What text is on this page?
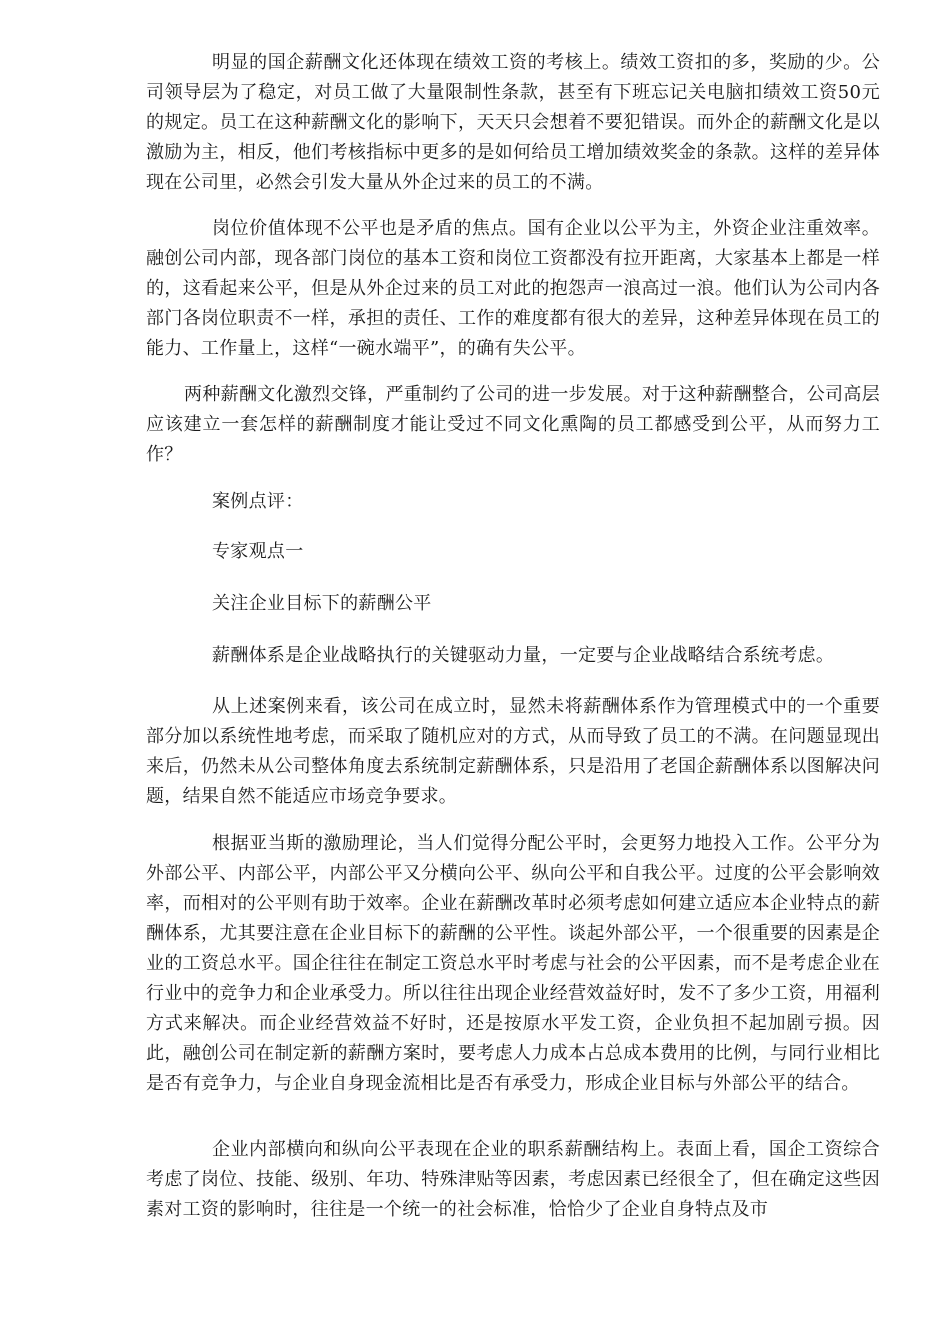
明显的国企薪酬文化还体现在绩效工资的考核上。绩效工资扣的多，奖励的少。公司领导层为了稳定，对员工做了大量限制性条款，甚至有下班忘记关电脑扣绩效工资50元的规定。员工在这种薪酬文化的影响下，天天只会想着不要犯错误。而外企的薪酬文化是以激励为主，相反，他们考核指标中更多的是如何给员工增加绩效奖金的条款。这样的差异体现在公司里，必然会引发大量从外企过来的员工的不满。

岗位价值体现不公平也是矛盾的焦点。国有企业以公平为主，外资企业注重效率。融创公司内部，现各部门岗位的基本工资和岗位工资都没有拉开距离，大家基本上都是一样的，这看起来公平，但是从外企过来的员工对此的抱怨声一浪高过一浪。他们认为公司内各部门各岗位职责不一样，承担的责任、工作的难度都有很大的差异，这种差异体现在员工的能力、工作量上，这样“一碗水端平”，的确有失公平。

两种薪酬文化激烈交锋，严重制约了公司的进一步发展。对于这种薪酬整合，公司高层应该建立一套怎样的薪酬制度才能让受过不同文化熏陶的员工都感受到公平，从而努力工作？

案例点评：

专家观点一

关注企业目标下的薪酬公平

薪酬体系是企业战略执行的关键驱动力量，一定要与企业战略结合系统考虑。

从上述案例来看，该公司在成立时，显然未将薪酬体系作为管理模式中的一个重要部分加以系统性地考虑，而采取了随机应对的方式，从而导致了员工的不满。在问题显现出来后，仍然未从公司整体角度去系统制定薪酬体系，只是沿用了老国企薪酬体系以图解决问题，结果自然不能适应市场竞争要求。

根据亚当斯的激励理论，当人们觉得分配公平时，会更努力地投入工作。公平分为外部公平、内部公平，内部公平又分横向公平、纵向公平和自我公平。过度的公平会影响效率，而相对的公平则有助于效率。企业在薪酬改革时必须考虑如何建立适应本企业特点的薪酬体系，尤其要注意在企业目标下的薪酬的公平性。谈起外部公平，一个很重要的因素是企业的工资总水平。国企往往在制定工资总水平时考虑与社会的公平因素，而不是考虑企业在行业中的竞争力和企业承受力。所以往往出现企业经营效益好时，发不了多少工资，用福利方式来解决。而企业经营效益不好时，还是按原水平发工资，企业负担不起加剧亏损。因此，融创公司在制定新的薪酬方案时，要考虑人力成本占总成本费用的比例，与同行业相比是否有竞争力，与企业自身现金流相比是否有承受力，形成企业目标与外部公平的结合。

企业内部横向和纵向公平表现在企业的职系薪酬结构上。表面上看，国企工资综合考虑了岗位、技能、级别、年功、特殊津贴等因素，考虑因素已经很全了，但在确定这些因素对工资的影响时，往往是一个统一的社会标准，恰恰少了企业自身特点及市
